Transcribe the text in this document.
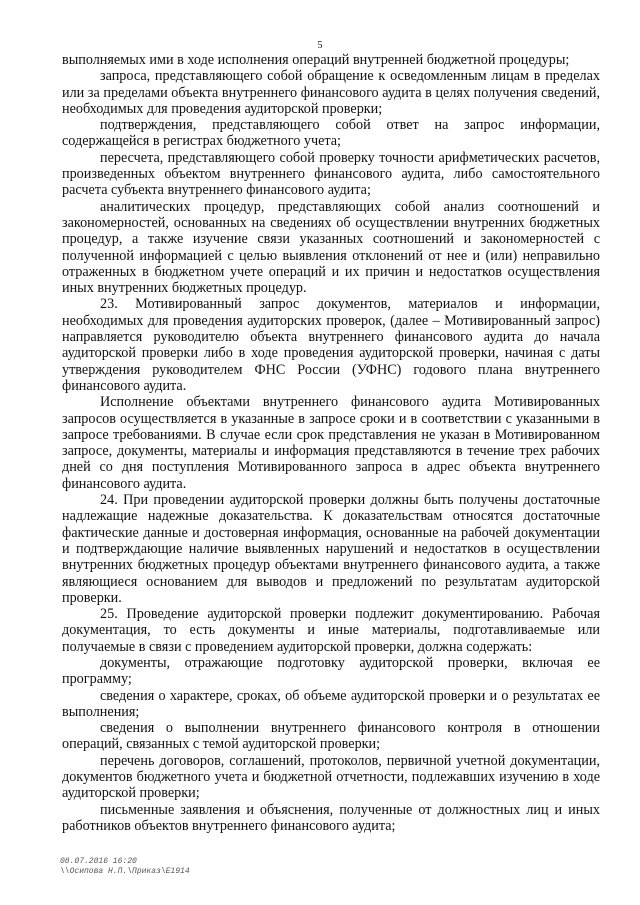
5

выполняемых ими в ходе исполнения операций внутренней бюджетной процедуры;

запроса, представляющего собой обращение к осведомленным лицам в пределах или за пределами объекта внутреннего финансового аудита в целях получения сведений, необходимых для проведения аудиторской проверки;

подтверждения, представляющего собой ответ на запрос информации, содержащейся в регистрах бюджетного учета;

пересчета, представляющего собой проверку точности арифметических расчетов, произведенных объектом внутреннего финансового аудита, либо самостоятельного расчета субъекта внутреннего финансового аудита;

аналитических процедур, представляющих собой анализ соотношений и закономерностей, основанных на сведениях об осуществлении внутренних бюджетных процедур, а также изучение связи указанных соотношений и закономерностей с полученной информацией с целью выявления отклонений от нее и (или) неправильно отраженных в бюджетном учете операций и их причин и недостатков осуществления иных внутренних бюджетных процедур.

23. Мотивированный запрос документов, материалов и информации, необходимых для проведения аудиторских проверок, (далее – Мотивированный запрос) направляется руководителю объекта внутреннего финансового аудита до начала аудиторской проверки либо в ходе проведения аудиторской проверки, начиная с даты утверждения руководителем ФНС России (УФНС) годового плана внутреннего финансового аудита.

Исполнение объектами внутреннего финансового аудита Мотивированных запросов осуществляется в указанные в запросе сроки и в соответствии с указанными в запросе требованиями. В случае если срок представления не указан в Мотивированном запросе, документы, материалы и информация представляются в течение трех рабочих дней со дня поступления Мотивированного запроса в адрес объекта внутреннего финансового аудита.

24. При проведении аудиторской проверки должны быть получены достаточные надлежащие надежные доказательства. К доказательствам относятся достаточные фактические данные и достоверная информация, основанные на рабочей документации и подтверждающие наличие выявленных нарушений и недостатков в осуществлении внутренних бюджетных процедур объектами внутреннего финансового аудита, а также являющиеся основанием для выводов и предложений по результатам аудиторской проверки.

25. Проведение аудиторской проверки подлежит документированию. Рабочая документация, то есть документы и иные материалы, подготавливаемые или получаемые в связи с проведением аудиторской проверки, должна содержать:

документы, отражающие подготовку аудиторской проверки, включая ее программу;

сведения о характере, сроках, об объеме аудиторской проверки и о результатах ее выполнения;

сведения о выполнении внутреннего финансового контроля в отношении операций, связанных с темой аудиторской проверки;

перечень договоров, соглашений, протоколов, первичной учетной документации, документов бюджетного учета и бюджетной отчетности, подлежавших изучению в ходе аудиторской проверки;

письменные заявления и объяснения, полученные от должностных лиц и иных работников объектов внутреннего финансового аудита;

08.07.2016 16:20
\\Осипова Н.П.\Приказ\E1914
